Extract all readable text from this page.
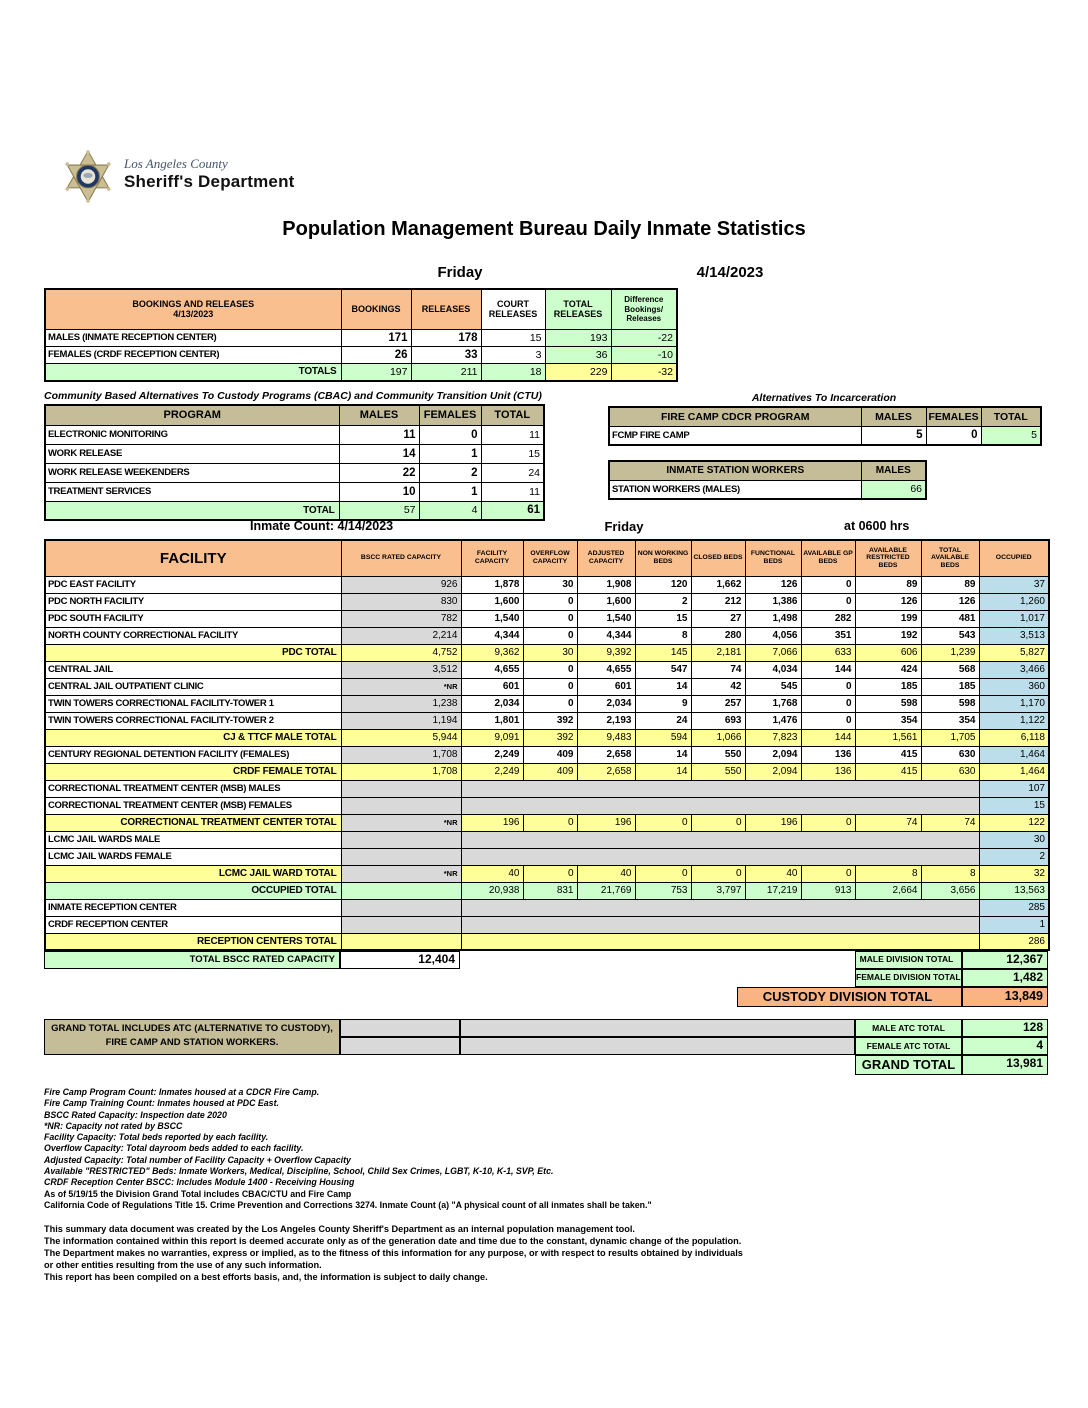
Los Angeles County
Sheriff's Department
Population Management Bureau Daily Inmate Statistics
Friday	4/14/2023
BOOKINGS AND RELEASES
4/13/2023	BOOKINGS	RELEASES	COURT RELEASES	TOTAL RELEASES	Difference Bookings/ Releases
MALES (INMATE RECEPTION CENTER)	171	178	15	193	-22
FEMALES (CRDF RECEPTION CENTER)	26	33	3	36	-10
TOTALS	197	211	18	229	-32
Community Based Alternatives To Custody Programs (CBAC) and Community Transition Unit (CTU)
PROGRAM	MALES	FEMALES	TOTAL
ELECTRONIC MONITORING	11	0	11
WORK RELEASE	14	1	15
WORK RELEASE WEEKENDERS	22	2	24
TREATMENT SERVICES	10	1	11
TOTAL	57	4	61
Alternatives To Incarceration
FIRE CAMP CDCR PROGRAM	MALES	FEMALES	TOTAL
FCMP FIRE CAMP	5	0	5
INMATE STATION WORKERS	MALES
STATION WORKERS (MALES)	66
Inmate Count: 4/14/2023	Friday	at 0600 hrs
FACILITY	BSCC RATED CAPACITY	FACILITY CAPACITY	OVERFLOW CAPACITY	ADJUSTED CAPACITY	NON WORKING BEDS	CLOSED BEDS	FUNCTIONAL BEDS	AVAILABLE GP BEDS	AVAILABLE RESTRICTED BEDS	TOTAL AVAILABLE BEDS	OCCUPIED
PDC EAST FACILITY	926	1,878	30	1,908	120	1,662	126	0	89	89	37
PDC NORTH FACILITY	830	1,600	0	1,600	2	212	1,386	0	126	126	1,260
PDC SOUTH FACILITY	782	1,540	0	1,540	15	27	1,498	282	199	481	1,017
NORTH COUNTY CORRECTIONAL FACILITY	2,214	4,344	0	4,344	8	280	4,056	351	192	543	3,513
PDC TOTAL	4,752	9,362	30	9,392	145	2,181	7,066	633	606	1,239	5,827
CENTRAL JAIL	3,512	4,655	0	4,655	547	74	4,034	144	424	568	3,466
CENTRAL JAIL OUTPATIENT CLINIC	*NR	601	0	601	14	42	545	0	185	185	360
TWIN TOWERS CORRECTIONAL FACILITY-TOWER 1	1,238	2,034	0	2,034	9	257	1,768	0	598	598	1,170
TWIN TOWERS CORRECTIONAL FACILITY-TOWER 2	1,194	1,801	392	2,193	24	693	1,476	0	354	354	1,122
CJ & TTCF MALE TOTAL	5,944	9,091	392	9,483	594	1,066	7,823	144	1,561	1,705	6,118
CENTURY REGIONAL DETENTION FACILITY (FEMALES)	1,708	2,249	409	2,658	14	550	2,094	136	415	630	1,464
CRDF FEMALE TOTAL	1,708	2,249	409	2,658	14	550	2,094	136	415	630	1,464
CORRECTIONAL TREATMENT CENTER (MSB) MALES											107
CORRECTIONAL TREATMENT CENTER (MSB) FEMALES											15
CORRECTIONAL TREATMENT CENTER TOTAL	*NR	196	0	196	0	0	196	0	74	74	122
LCMC JAIL WARDS MALE											30
LCMC JAIL WARDS FEMALE											2
LCMC JAIL WARD TOTAL	*NR	40	0	40	0	0	40	0	8	8	32
OCCUPIED TOTAL		20,938	831	21,769	753	3,797	17,219	913	2,664	3,656	13,563
INMATE RECEPTION CENTER											285
CRDF RECEPTION CENTER											1
RECEPTION CENTERS TOTAL											286
TOTAL BSCC RATED CAPACITY	12,404	MALE DIVISION TOTAL	12,367
FEMALE DIVISION TOTAL	1,482
CUSTODY DIVISION TOTAL	13,849
GRAND TOTAL INCLUDES ATC (ALTERNATIVE TO CUSTODY), FIRE CAMP AND STATION WORKERS.
MALE ATC TOTAL	128
FEMALE ATC TOTAL	4
GRAND TOTAL	13,981
Fire Camp Program Count: Inmates housed at a CDCR Fire Camp.
Fire Camp Training Count: Inmates housed at PDC East.
BSCC Rated Capacity: Inspection date 2020
*NR: Capacity not rated by BSCC
Facility Capacity: Total beds reported by each facility.
Overflow Capacity: Total dayroom beds added to each facility.
Adjusted Capacity: Total number of Facility Capacity + Overflow Capacity
Available "RESTRICTED" Beds: Inmate Workers, Medical, Discipline, School, Child Sex Crimes, LGBT, K-10, K-1, SVP, Etc.
CRDF Reception Center BSCC: Includes Module 1400 - Receiving Housing
As of 5/19/15 the Division Grand Total includes CBAC/CTU and Fire Camp
California Code of Regulations Title 15. Crime Prevention and Corrections 3274. Inmate Count (a) "A physical count of all inmates shall be taken."
This summary data document was created by the Los Angeles County Sheriff's Department as an internal population management tool.
The information contained within this report is deemed accurate only as of the generation date and time due to the constant, dynamic change of the population.
The Department makes no warranties, express or implied, as to the fitness of this information for any purpose, or with respect to results obtained by individuals
or other entities resulting from the use of any such information.
This report has been compiled on a best efforts basis, and, the information is subject to daily change.
